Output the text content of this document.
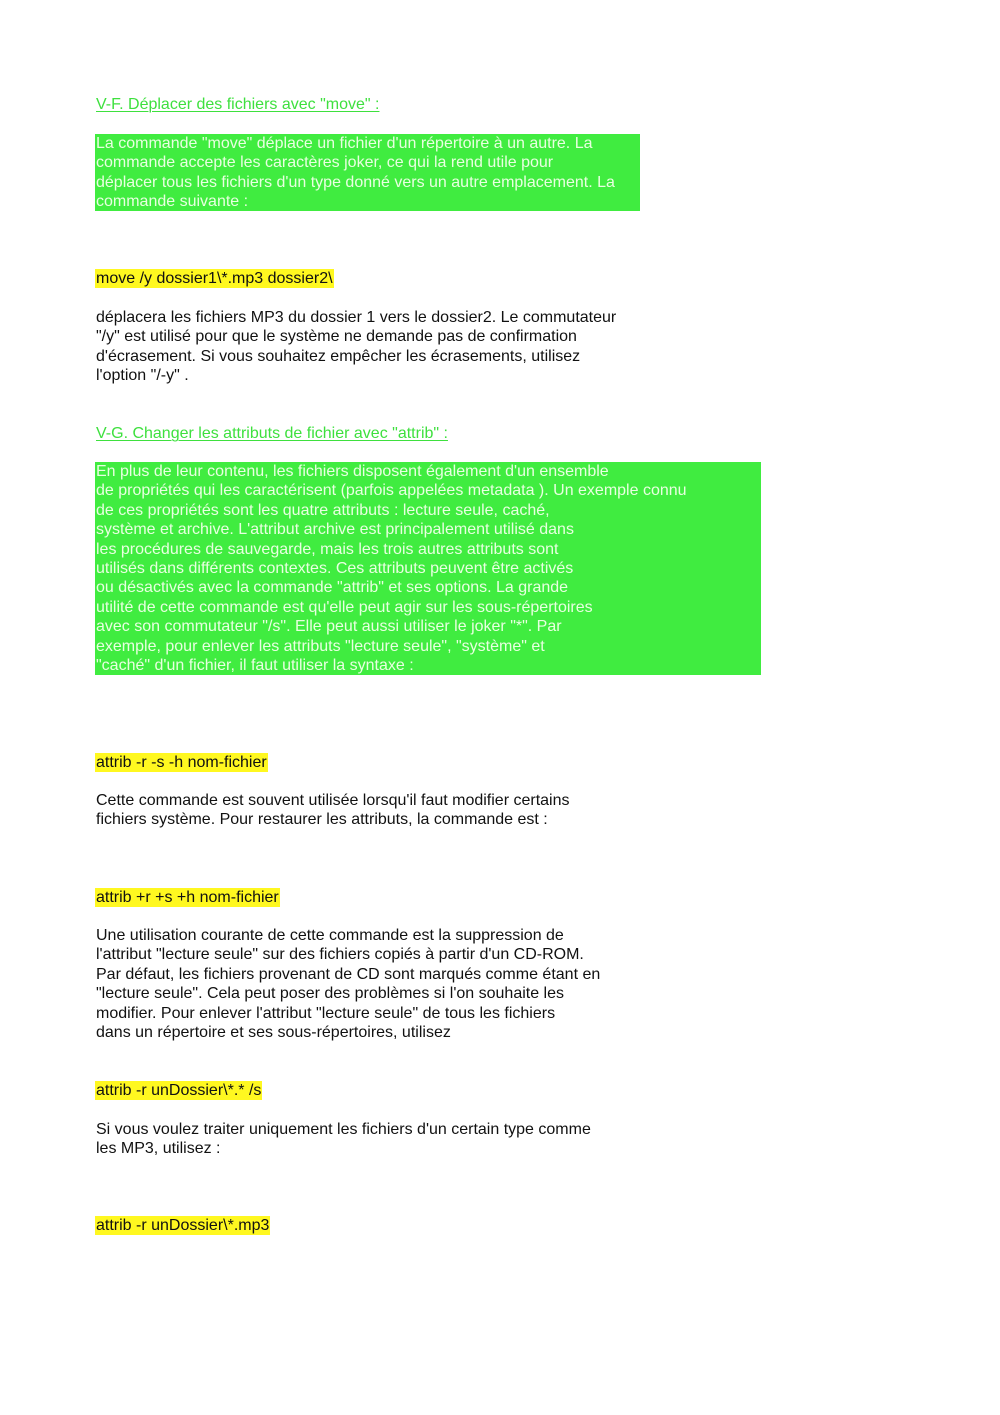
V-F. Déplacer des fichiers avec "move" :
La commande "move" déplace un fichier d'un répertoire à un autre. La
commande accepte les caractères joker, ce qui la rend utile pour
déplacer tous les fichiers d'un type donné vers un autre emplacement. La
commande suivante :
move /y dossier1\*.mp3 dossier2\
déplacera les fichiers MP3 du dossier 1 vers le dossier2. Le commutateur
"/y" est utilisé pour que le système ne demande pas de confirmation
d'écrasement. Si vous souhaitez empêcher les écrasements, utilisez
l'option "/-y" .
V-G. Changer les attributs de fichier avec "attrib" :
En plus de leur contenu, les fichiers disposent également d'un ensemble
de propriétés qui les caractérisent (parfois appelées metadata ). Un exemple connu
de ces propriétés sont les quatre attributs : lecture seule, caché,
système et archive. L'attribut archive est principalement utilisé dans
les procédures de sauvegarde, mais les trois autres attributs sont
utilisés dans différents contextes. Ces attributs peuvent être activés
ou désactivés avec la commande "attrib" et ses options. La grande
utilité de cette commande est qu'elle peut agir sur les sous-répertoires
avec son commutateur "/s". Elle peut aussi utiliser le joker "*". Par
exemple, pour enlever les attributs "lecture seule", "système" et
"caché" d'un fichier, il faut utiliser la syntaxe :
attrib -r -s -h nom-fichier
Cette commande est souvent utilisée lorsqu'il faut modifier certains
fichiers système. Pour restaurer les attributs, la commande est :
attrib +r +s +h nom-fichier
Une utilisation courante de cette commande est la suppression de
l'attribut "lecture seule" sur des fichiers copiés à partir d'un CD-ROM.
Par défaut, les fichiers provenant de CD sont marqués comme étant en
"lecture seule". Cela peut poser des problèmes si l'on souhaite les
modifier. Pour enlever l'attribut "lecture seule" de tous les fichiers
dans un répertoire et ses sous-répertoires, utilisez
attrib -r unDossier\*.* /s
Si vous voulez traiter uniquement les fichiers d'un certain type comme
les MP3, utilisez :
attrib -r unDossier\*.mp3
